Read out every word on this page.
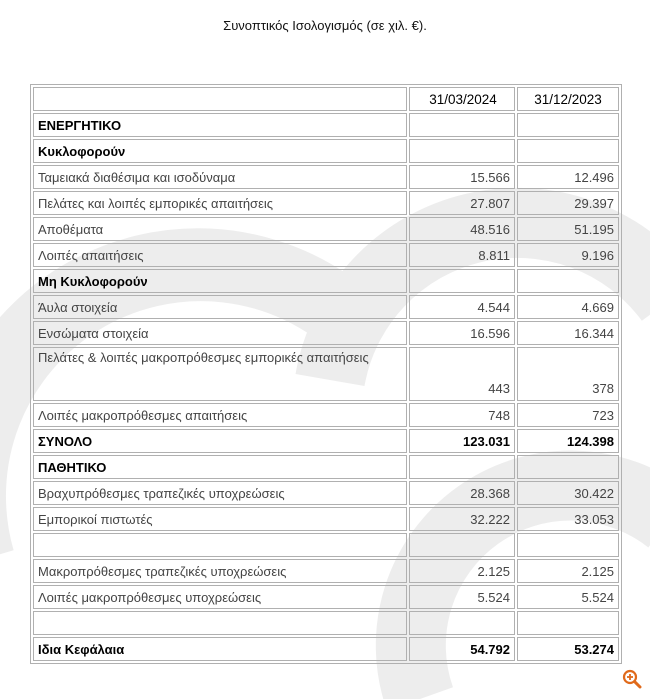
Συνοπτικός Ισολογισμός (σε χιλ. €).
	31/03/2024	31/12/2023
ΕΝΕΡΓΗΤΙΚΟ		
Κυκλοφορούν		
Ταμειακά διαθέσιμα και ισοδύναμα	15.566	12.496
Πελάτες και λοιπές εμπορικές απαιτήσεις	27.807	29.397
Αποθέματα	48.516	51.195
Λοιπές απαιτήσεις	8.811	9.196
Μη Κυκλοφορούν		
Άυλα στοιχεία	4.544	4.669
Ενσώματα στοιχεία	16.596	16.344
Πελάτες & λοιπές μακροπρόθεσμες εμπορικές απαιτήσεις	443	378
Λοιπές μακροπρόθεσμες απαιτήσεις	748	723
ΣΥΝΟΛΟ	123.031	124.398
ΠΑΘΗΤΙΚΟ		
Βραχυπρόθεσμες τραπεζικές υποχρεώσεις	28.368	30.422
Εμπορικοί πιστωτές	32.222	33.053

Μακροπρόθεσμες τραπεζικές υποχρεώσεις	2.125	2.125
Λοιπές μακροπρόθεσμες υποχρεώσεις	5.524	5.524

Ιδια Κεφάλαια	54.792	53.274
